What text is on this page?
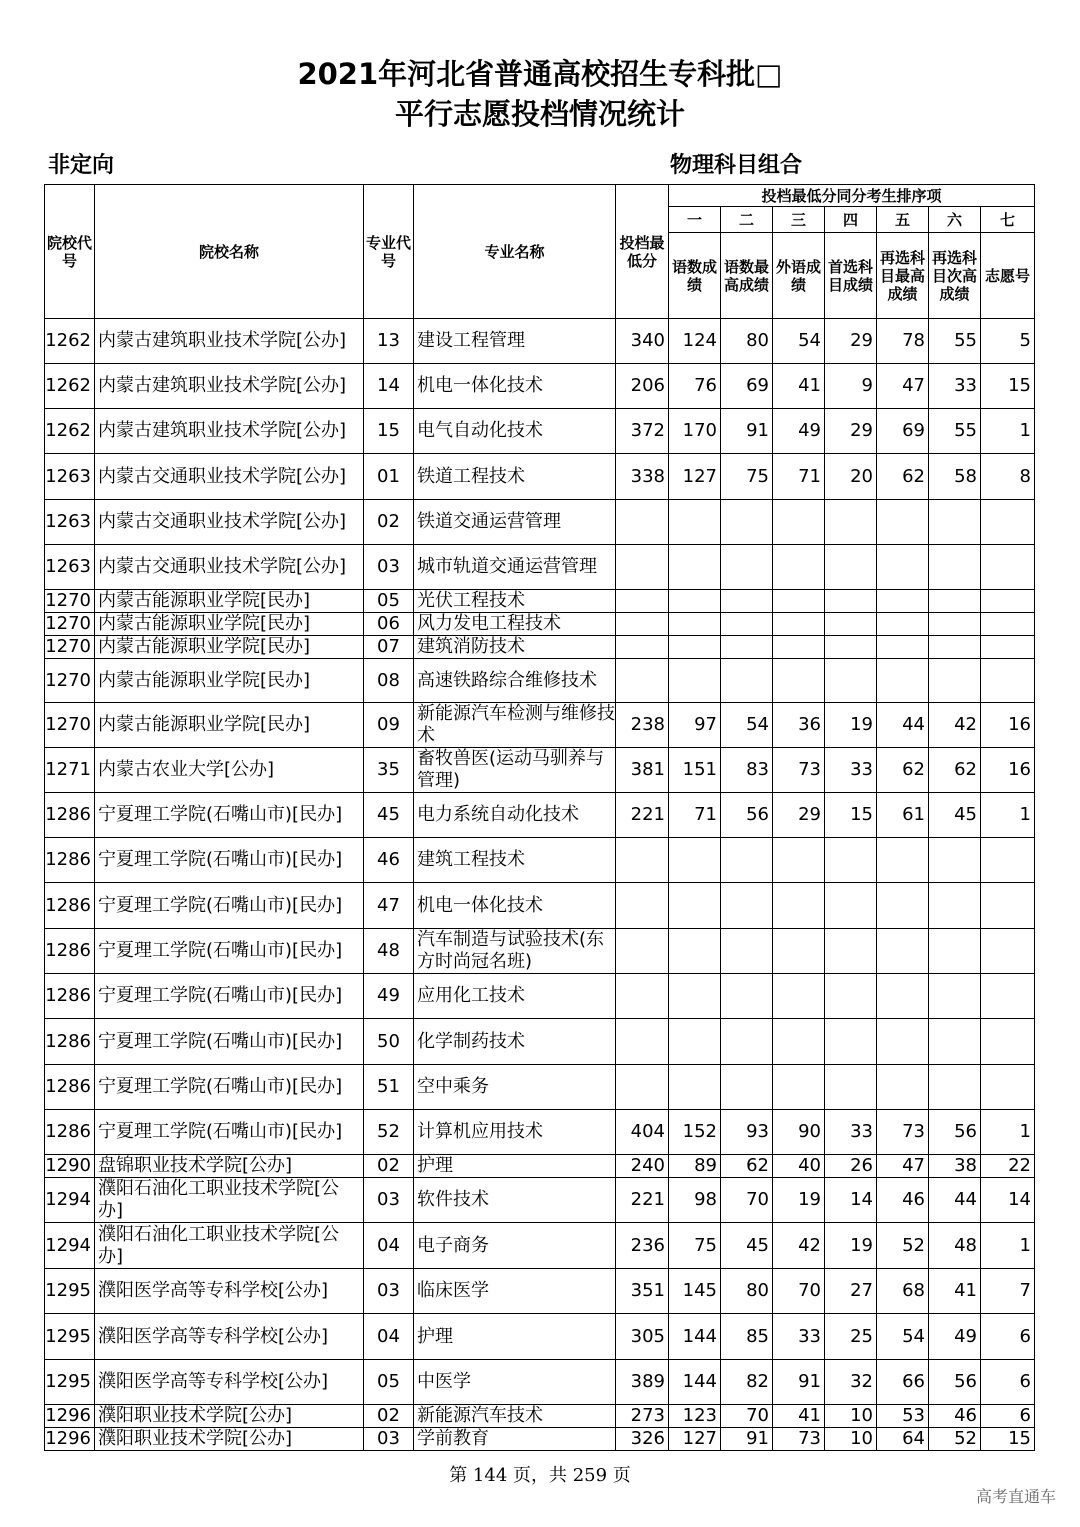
2021年河北省普通高校招生专科批□
平行志愿投档情况统计
非定向	物理科目组合
院校代号	院校名称	专业代号	专业名称	投档最低分	投档最低分同分考生排序项						
					一	二	三	四	五	六	七
					语数成绩	语数最高成绩	外语成绩	首选科目成绩	再选科目最高成绩	再选科目次高成绩	志愿号
1262	内蒙古建筑职业技术学院[公办]	13	建设工程管理	340	124	80	54	29	78	55	5
1262	内蒙古建筑职业技术学院[公办]	14	机电一体化技术	206	76	69	41	9	47	33	15
1262	内蒙古建筑职业技术学院[公办]	15	电气自动化技术	372	170	91	49	29	69	55	1
1263	内蒙古交通职业技术学院[公办]	01	铁道工程技术	338	127	75	71	20	62	58	8
1263	内蒙古交通职业技术学院[公办]	02	铁道交通运营管理								
1263	内蒙古交通职业技术学院[公办]	03	城市轨道交通运营管理								
1270	内蒙古能源职业学院[民办]	05	光伏工程技术								
1270	内蒙古能源职业学院[民办]	06	风力发电工程技术								
1270	内蒙古能源职业学院[民办]	07	建筑消防技术								
1270	内蒙古能源职业学院[民办]	08	高速铁路综合维修技术								
1270	内蒙古能源职业学院[民办]	09	新能源汽车检测与维修技术	238	97	54	36	19	44	42	16
1271	内蒙古农业大学[公办]	35	畜牧兽医(运动马驯养与管理)	381	151	83	73	33	62	62	16
1286	宁夏理工学院(石嘴山市)[民办]	45	电力系统自动化技术	221	71	56	29	15	61	45	1
1286	宁夏理工学院(石嘴山市)[民办]	46	建筑工程技术								
1286	宁夏理工学院(石嘴山市)[民办]	47	机电一体化技术								
1286	宁夏理工学院(石嘴山市)[民办]	48	汽车制造与试验技术(东方时尚冠名班)								
1286	宁夏理工学院(石嘴山市)[民办]	49	应用化工技术								
1286	宁夏理工学院(石嘴山市)[民办]	50	化学制药技术								
1286	宁夏理工学院(石嘴山市)[民办]	51	空中乘务								
1286	宁夏理工学院(石嘴山市)[民办]	52	计算机应用技术	404	152	93	90	33	73	56	1
1290	盘锦职业技术学院[公办]	02	护理	240	89	62	40	26	47	38	22
1294	濮阳石油化工职业技术学院[公办]	03	软件技术	221	98	70	19	14	46	44	14
1294	濮阳石油化工职业技术学院[公办]	04	电子商务	236	75	45	42	19	52	48	1
1295	濮阳医学高等专科学校[公办]	03	临床医学	351	145	80	70	27	68	41	7
1295	濮阳医学高等专科学校[公办]	04	护理	305	144	85	33	25	54	49	6
1295	濮阳医学高等专科学校[公办]	05	中医学	389	144	82	91	32	66	56	6
1296	濮阳职业技术学院[公办]	02	新能源汽车技术	273	123	70	41	10	53	46	6
1296	濮阳职业技术学院[公办]	03	学前教育	326	127	91	73	10	64	52	15
第 144 页，共 259 页
高考直通车
